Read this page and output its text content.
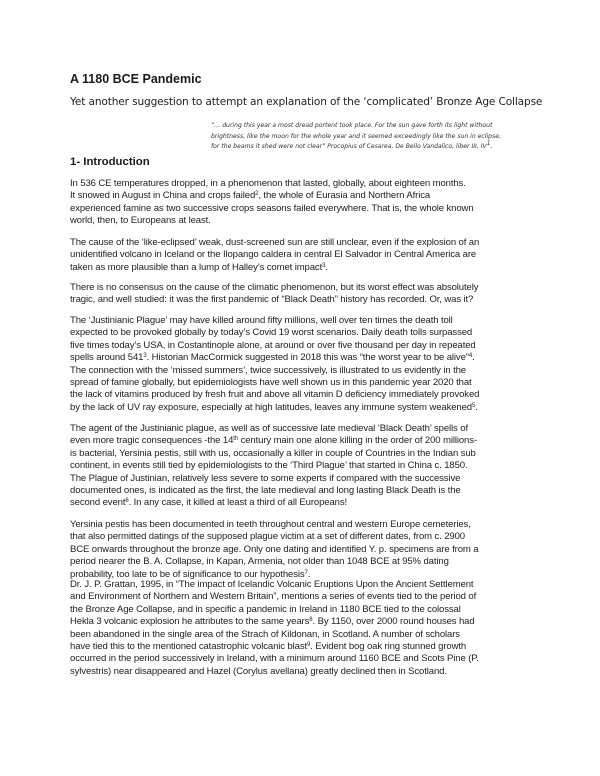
A 1180 BCE Pandemic
Yet another suggestion to attempt an explanation of the ‘complicated’ Bronze Age Collapse
“… during this year a most dread portent took place. For the sun gave forth its light without
brightness, like the moon for the whole year and it seemed exceedingly like the sun in eclipse,
for the beams it shed were not clear” Procopius of Cesarea, De Bello Vandalico, liber III, $IV^1$.
1- Introduction
In 536 CE temperatures dropped, in a phenomenon that lasted, globally, about eighteen months.
It snowed in August in China and crops failed$^2$, the whole of Eurasia and Northern Africa
experienced famine as two successive crops seasons failed everywhere. That is, the whole known
world, then, to Europeans at least.
The cause of the ‘like-eclipsed’ weak, dust-screened sun are still unclear, even if the explosion of an
unidentified volcano in Iceland or the Ilopango caldera in central El Salvador in Central America are
taken as more plausible than a lump of Halley’s comet impact$^3$.
There is no consensus on the cause of the climatic phenomenon, but its worst effect was absolutely
tragic, and well studied: it was the first pandemic of “Black Death” history has recorded. Or, was it?
The ‘Justinianic Plague’ may have killed around fifty millions, well over ten times the death toll
expected to be provoked globally by today’s Covid 19 worst scenarios. Daily death tolls surpassed
five times today’s USA, in Costantinople alone, at around or over five thousand per day in repeated
spells around $541^3$. Historian MacCormick suggested in 2018 this was “the worst year to be alive”$^4$.
The connection with the ‘missed summers’, twice successively, is illustrated to us evidently in the
spread of famine globally, but epidemiologists have well shown us in this pandemic year 2020 that
the lack of vitamins produced by fresh fruit and above all vitamin D deficiency immediately provoked
by the lack of UV ray exposure, especially at high latitudes, leaves any immune system weakened$^5$.
The agent of the Justinianic plague, as well as of successive late medieval ‘Black Death’ spells of
even more tragic consequences -the 14th century main one alone killing in the order of 200 millions-
is bacterial, Yersinia pestis, still with us, occasionally a killer in couple of Countries in the Indian sub
continent, in events still tied by epidemiologists to the ‘Third Plague’ that started in China c. 1850.
The Plague of Justinian, relatively less severe to some experts if compared with the successive
documented ones, is indicated as the first, the late medieval and long lasting Black Death is the
second event$^6$. In any case, it killed at least a third of all Europeans!
Yersinia pestis has been documented in teeth throughout central and western Europe cemeteries,
that also permitted datings of the supposed plague victim at a set of different dates, from c. 2900
BCE onwards throughout the bronze age. Only one dating and identified Y. p. specimens are from a
period nearer the B. A. Collapse, in Kapan, Armenia, not older than 1048 BCE at 95% dating
probability, too late to be of significance to our hypothesis$^7$.
Dr. J. P. Grattan, 1995, in “The impact of Icelandic Volcanic Eruptions Upon the Ancient Settlement
and Environment of Northern and Western Britain”, mentions a series of events tied to the period of
the Bronze Age Collapse, and in specific a pandemic in Ireland in 1180 BCE tied to the colossal
Hekla 3 volcanic explosion he attributes to the same years$^8$. By 1150, over 2000 round houses had
been abandoned in the single area of the Strach of Kildonan, in Scotland. A number of scholars
have tied this to the mentioned catastrophic volcanic blast$^9$. Evident bog oak ring stunned growth
occurred in the period successively in Ireland, with a minimum around 1160 BCE and Scots Pine (P.
sylvestris) near disappeared and Hazel (Corylus avellana) greatly declined then in Scotland.
